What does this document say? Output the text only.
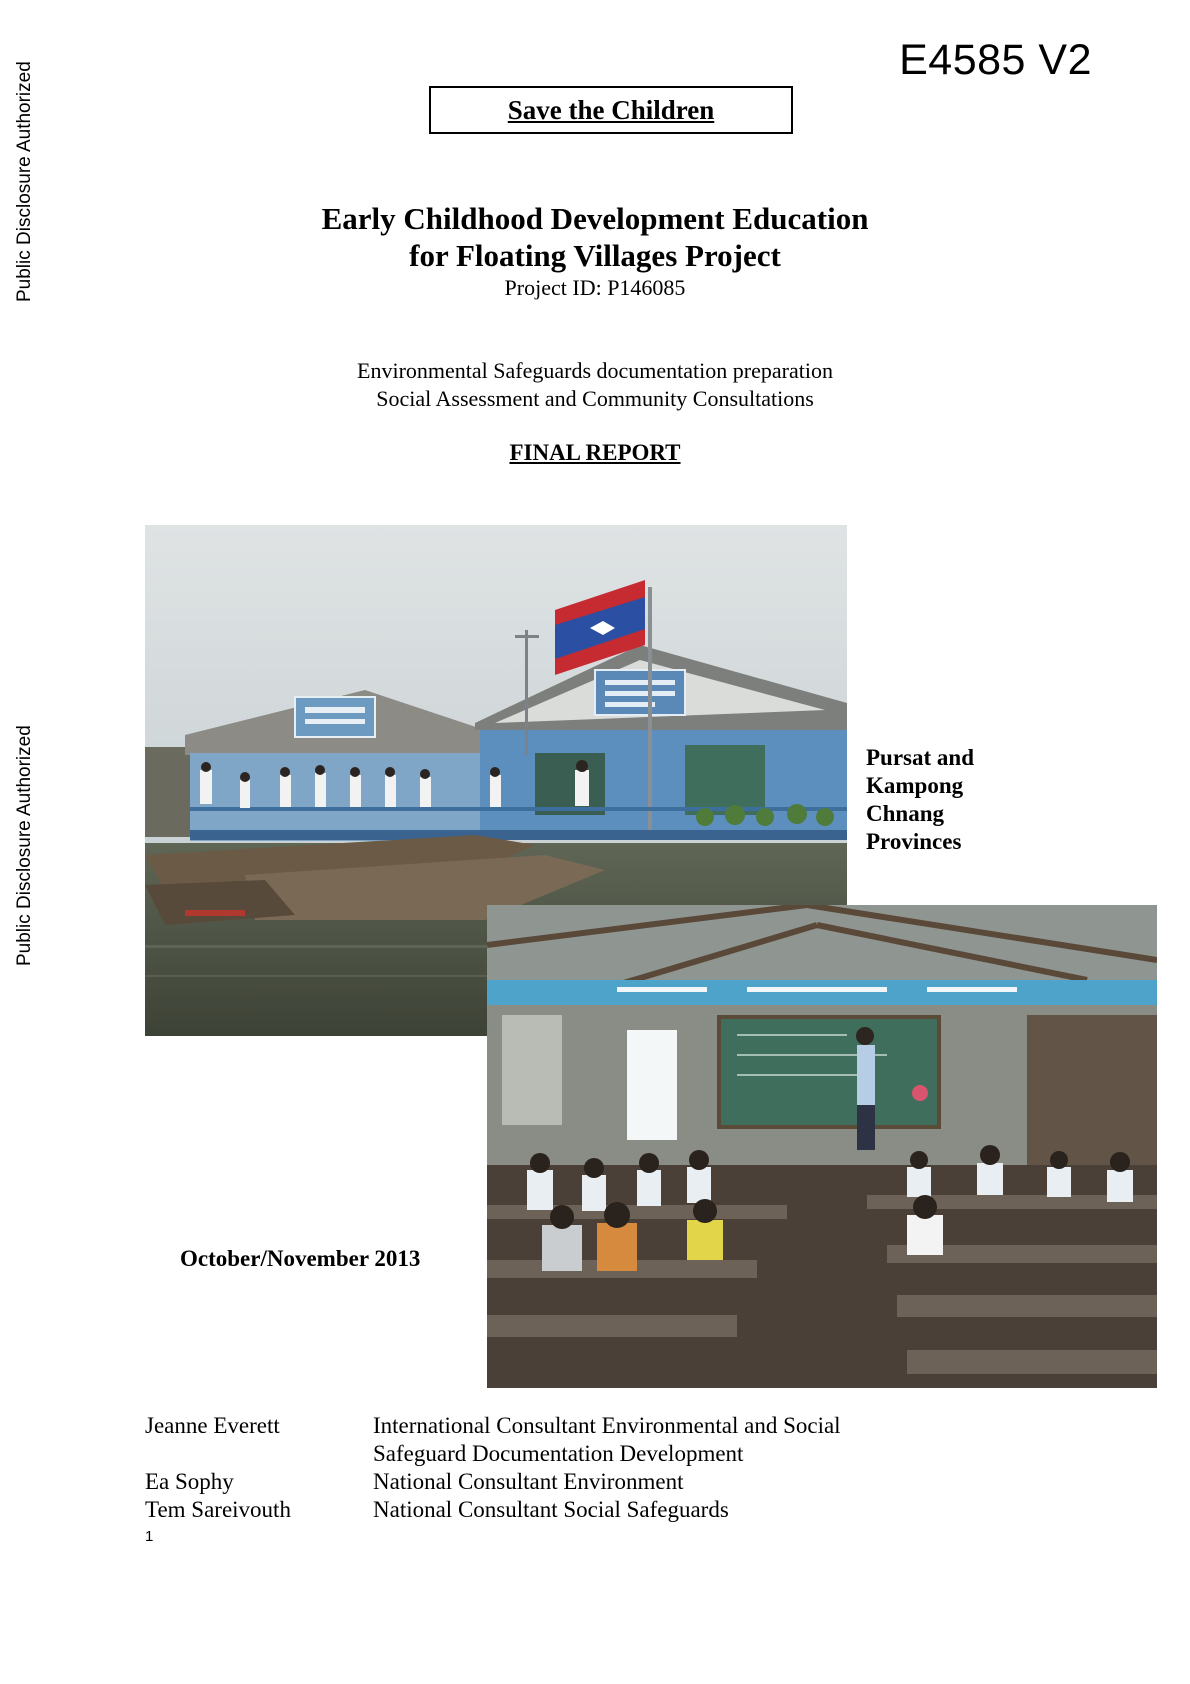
Public Disclosure Authorized
Public Disclosure Authorized
E4585 V2
Save the Children
Early Childhood Development Education
for Floating Villages Project
Project ID: P146085
Environmental Safeguards documentation preparation
Social Assessment and Community Consultations
FINAL REPORT
Pursat and
Kampong
Chnang
Provinces
October/November 2013
Jeanne Everett	International Consultant Environmental and Social
Safeguard Documentation Development
Ea Sophy	National Consultant Environment
Tem Sareivouth	National Consultant Social Safeguards
1
